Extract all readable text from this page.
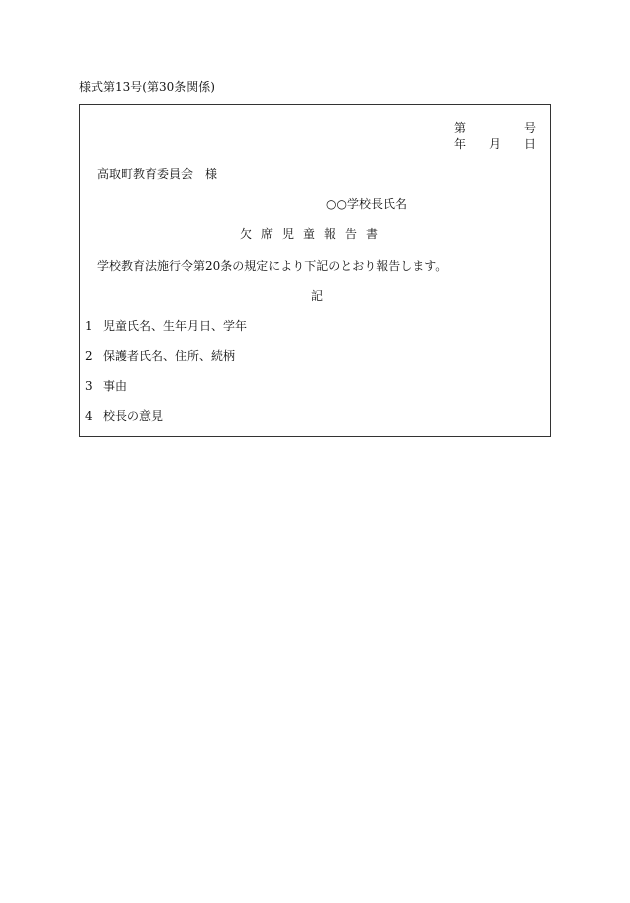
様式第13号(第30条関係)
第	号
年 月 日
高取町教育委員会 様
○○学校長氏名
欠席児童報告書
学校教育法施行令第20条の規定により下記のとおり報告します。
記
1 児童氏名、生年月日、学年
2 保護者氏名、住所、続柄
3 事由
4 校長の意見
